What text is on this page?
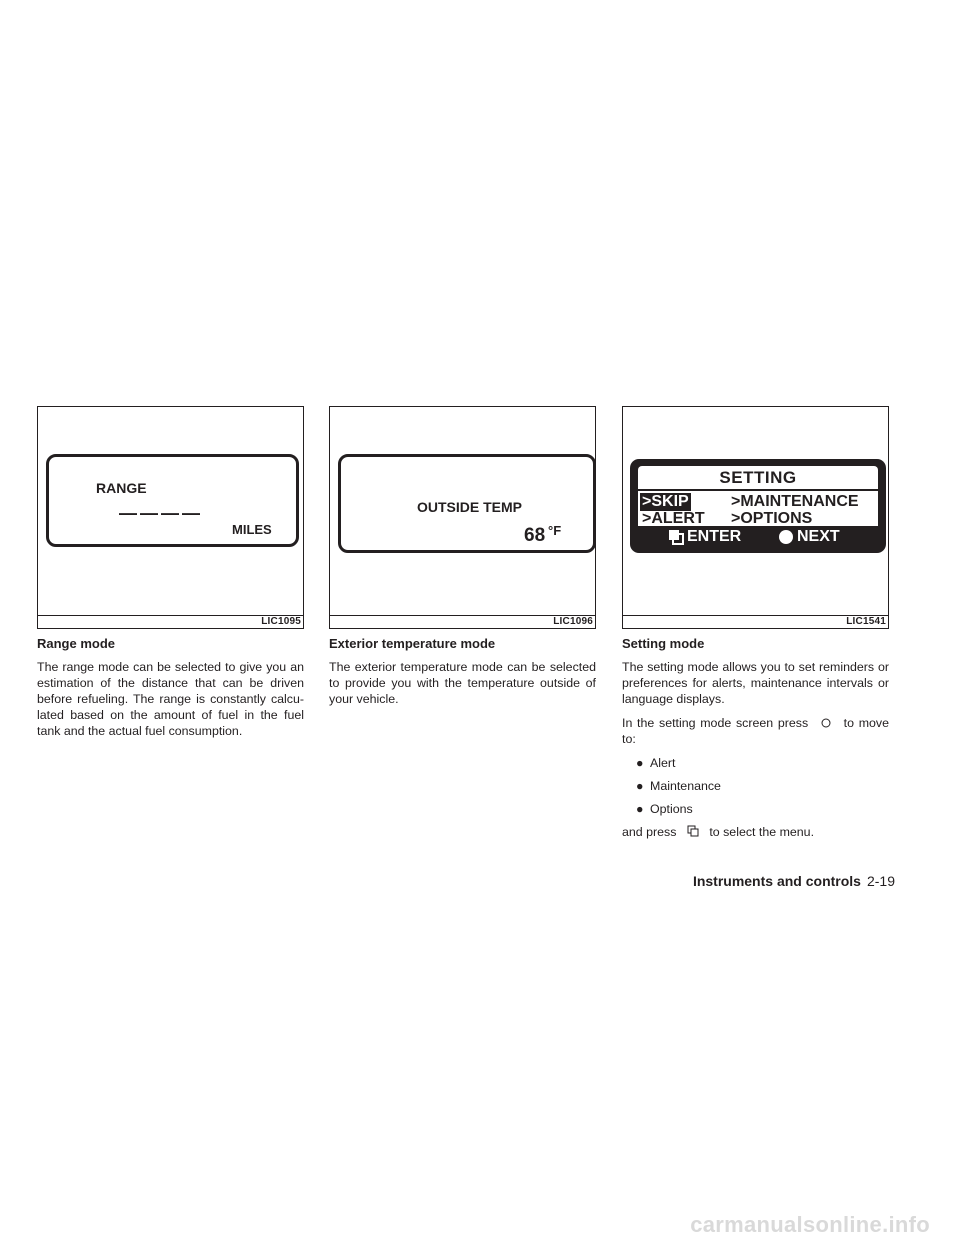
RANGE
— — — —
MILES
LIC1095
Range mode

The range mode can be selected to give you an estimation of the distance that can be driven before refueling. The range is constantly calcu-lated based on the amount of fuel in the fuel tank and the actual fuel consumption.

OUTSIDE TEMP
68 °F
LIC1096
Exterior temperature mode

The exterior temperature mode can be selected to provide you with the temperature outside of your vehicle.

SETTING
>SKIP	>MAINTENANCE
>ALERT >OPTIONS
ENTER	NEXT
LIC1541
Setting mode

The setting mode allows you to set reminders or preferences for alerts, maintenance intervals or language displays.

In the setting mode screen press	to move to:

● Alert
● Maintenance
● Options

and press	to select the menu.

Instruments and controls 2-19
carmanualsonline.info
